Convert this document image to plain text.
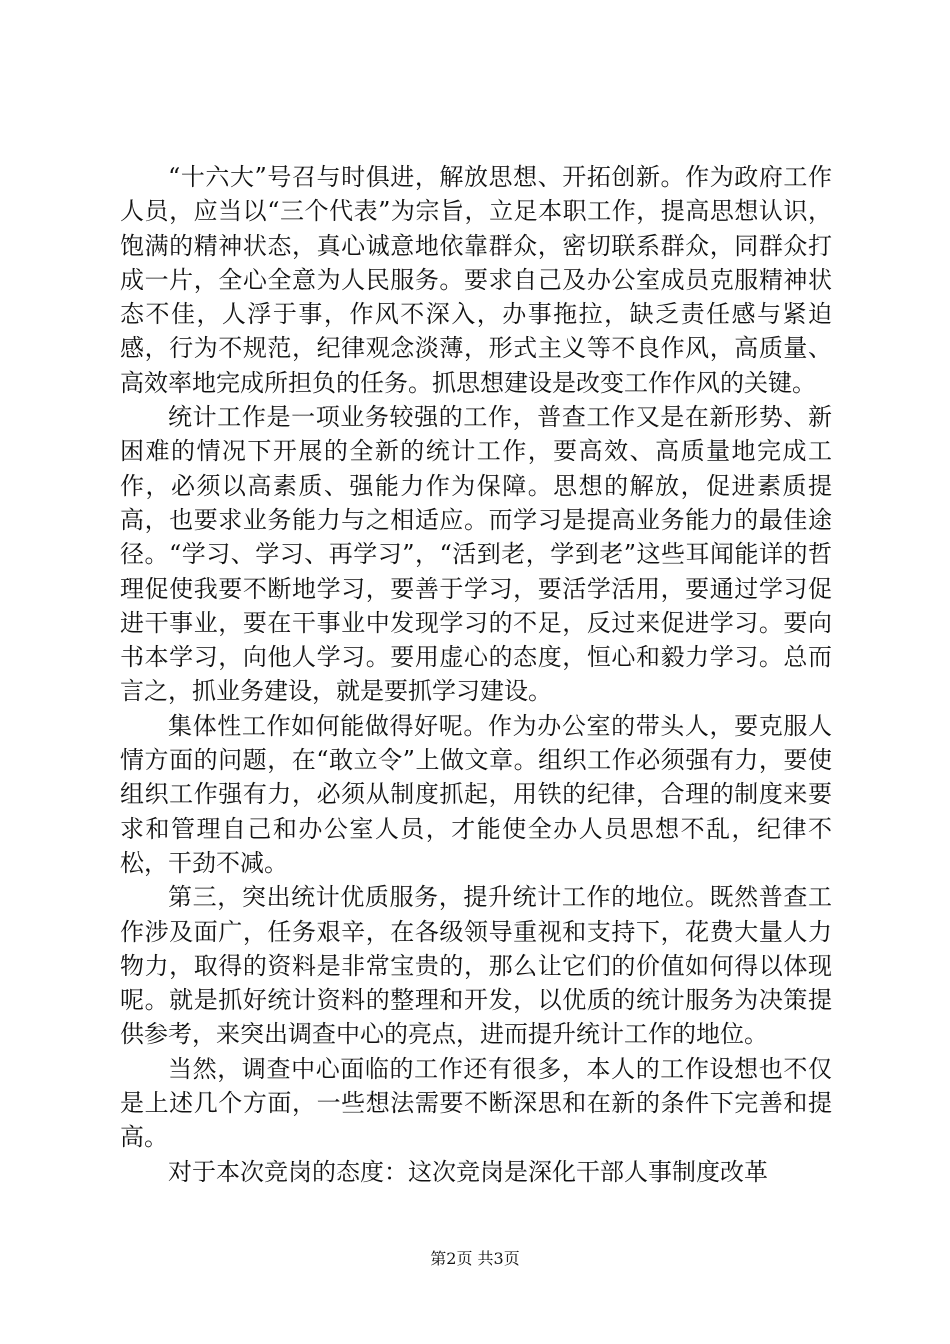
“十六大”号召与时俱进，解放思想、开拓创新。作为政府工作人员，应当以“三个代表”为宗旨，立足本职工作，提高思想认识，饱满的精神状态，真心诚意地依靠群众，密切联系群众，同群众打成一片，全心全意为人民服务。要求自己及办公室成员克服精神状态不佳，人浮于事，作风不深入，办事拖拉，缺乏责任感与紧迫感，行为不规范，纪律观念淡薄，形式主义等不良作风，高质量、高效率地完成所担负的任务。抓思想建设是改变工作作风的关键。

统计工作是一项业务较强的工作，普查工作又是在新形势、新困难的情况下开展的全新的统计工作，要高效、高质量地完成工作，必须以高素质、强能力作为保障。思想的解放，促进素质提高，也要求业务能力与之相适应。而学习是提高业务能力的最佳途径。“学习、学习、再学习”，“活到老，学到老”这些耳闻能详的哲理促使我要不断地学习，要善于学习，要活学活用，要通过学习促进干事业，要在干事业中发现学习的不足，反过来促进学习。要向书本学习，向他人学习。要用虚心的态度，恒心和毅力学习。总而言之，抓业务建设，就是要抓学习建设。

集体性工作如何能做得好呢。作为办公室的带头人，要克服人情方面的问题，在“敢立令”上做文章。组织工作必须强有力，要使组织工作强有力，必须从制度抓起，用铁的纪律，合理的制度来要求和管理自己和办公室人员，才能使全办人员思想不乱，纪律不松，干劲不减。

第三，突出统计优质服务，提升统计工作的地位。既然普查工作涉及面广，任务艰辛，在各级领导重视和支持下，花费大量人力物力，取得的资料是非常宝贵的，那么让它们的价值如何得以体现呢。就是抓好统计资料的整理和开发，以优质的统计服务为决策提供参考，来突出调查中心的亮点，进而提升统计工作的地位。

当然，调查中心面临的工作还有很多，本人的工作设想也不仅是上述几个方面，一些想法需要不断深思和在新的条件下完善和提高。

对于本次竞岗的态度：这次竞岗是深化干部人事制度改革

第2页 共3页
